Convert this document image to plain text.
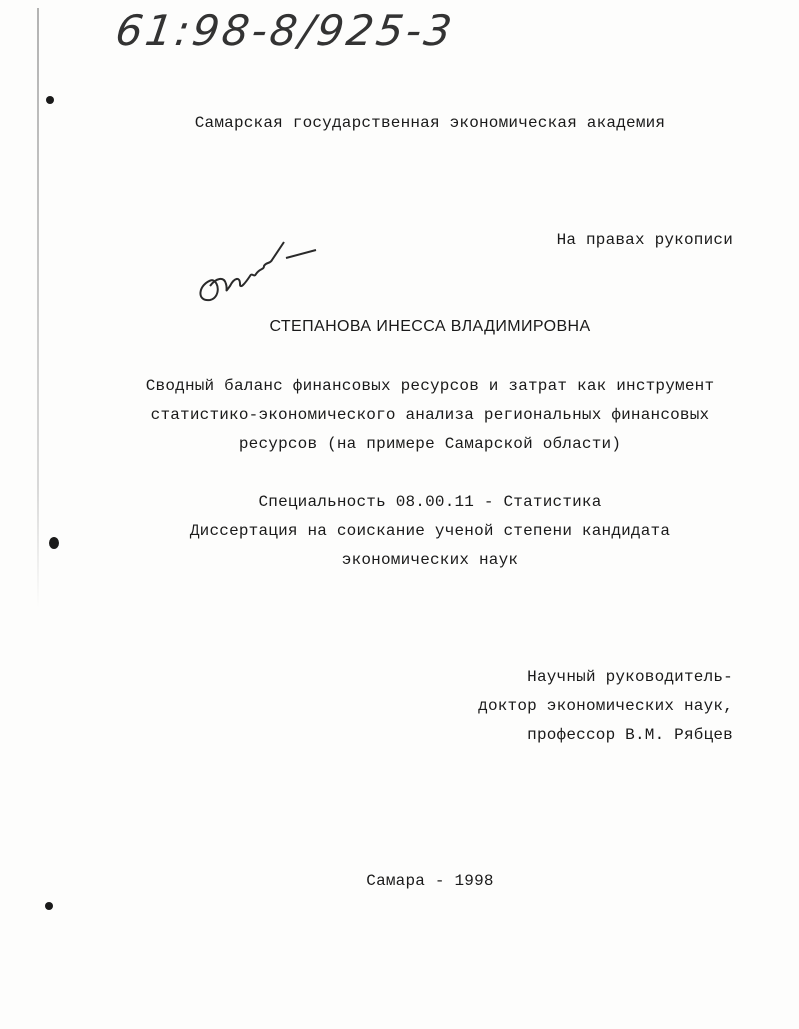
61:98-8/925-3
Самарская государственная экономическая академия
На правах рукописи
СТЕПАНОВА ИНЕССА ВЛАДИМИРОВНА
Сводный баланс финансовых ресурсов и затрат как инструмент
статистико-экономического анализа региональных финансовых
ресурсов (на примере Самарской области)
Специальность 08.00.11 - Статистика
Диссертация на соискание ученой степени кандидата
экономических наук
Научный руководитель-
доктор экономических наук,
профессор В.М. Рябцев
Самара - 1998
